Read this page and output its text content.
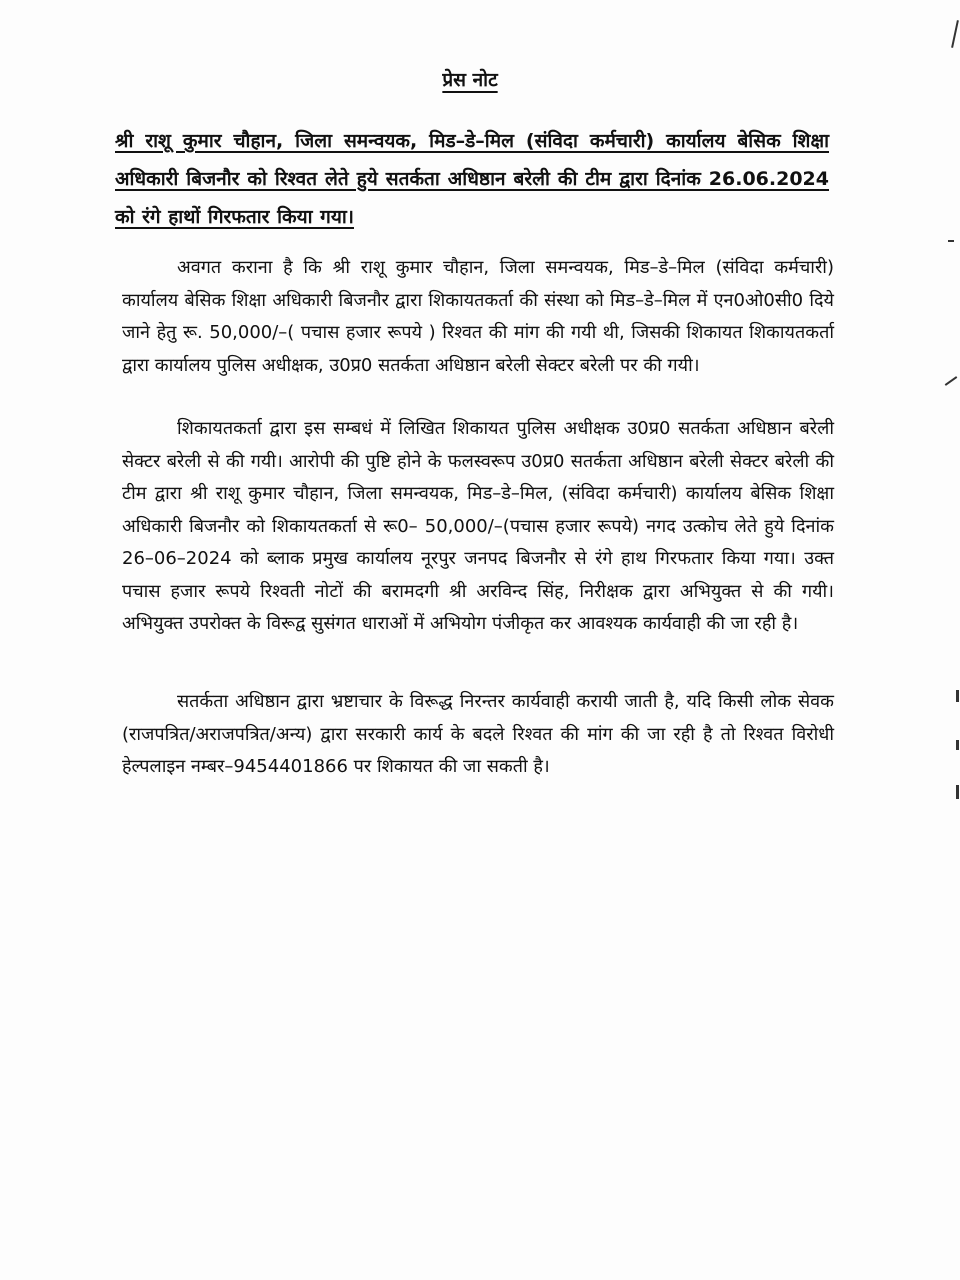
प्रेस नोट
श्री राशू कुमार चौहान, जिला समन्वयक, मिड–डे–मिल (संविदा कर्मचारी) कार्यालय बेसिक शिक्षा अधिकारी बिजनौर को रिश्वत लेते हुये सतर्कता अधिष्ठान बरेली की टीम द्वारा दिनांक 26.06.2024 को रंगे हाथों गिरफतार किया गया।

अवगत कराना है कि श्री राशू कुमार चौहान, जिला समन्वयक, मिड–डे–मिल (संविदा कर्मचारी) कार्यालय बेसिक शिक्षा अधिकारी बिजनौर द्वारा शिकायतकर्ता की संस्था को मिड–डे–मिल में एन0ओ0सी0 दिये जाने हेतु रू. 50,000/–( पचास हजार रूपये ) रिश्वत की मांग की गयी थी, जिसकी शिकायत शिकायतकर्ता द्वारा कार्यालय पुलिस अधीक्षक, उ0प्र0 सतर्कता अधिष्ठान बरेली सेक्टर बरेली पर की गयी।

शिकायतकर्ता द्वारा इस सम्बधं में लिखित शिकायत पुलिस अधीक्षक उ0प्र0 सतर्कता अधिष्ठान बरेली सेक्टर बरेली से की गयी। आरोपी की पुष्टि होने के फलस्वरूप उ0प्र0 सतर्कता अधिष्ठान बरेली सेक्टर बरेली की टीम द्वारा श्री राशू कुमार चौहान, जिला समन्वयक, मिड–डे–मिल, (संविदा कर्मचारी) कार्यालय बेसिक शिक्षा अधिकारी बिजनौर को शिकायतकर्ता से रू0– 50,000/–(पचास हजार रूपये) नगद उत्कोच लेते हुये दिनांक 26–06–2024 को ब्लाक प्रमुख कार्यालय नूरपुर जनपद बिजनौर से रंगे हाथ गिरफतार किया गया। उक्त पचास हजार रूपये रिश्वती नोटों की बरामदगी श्री अरविन्द सिंह, निरीक्षक द्वारा अभियुक्त से की गयी। अभियुक्त उपरोक्त के विरूद्व सुसंगत धाराओं में अभियोग पंजीकृत कर आवश्यक कार्यवाही की जा रही है।

सतर्कता अधिष्ठान द्वारा भ्रष्टाचार के विरूद्ध निरन्तर कार्यवाही करायी जाती है, यदि किसी लोक सेवक (राजपत्रित/अराजपत्रित/अन्य) द्वारा सरकारी कार्य के बदले रिश्वत की मांग की जा रही है तो रिश्वत विरोधी हेल्पलाइन नम्बर–9454401866 पर शिकायत की जा सकती है।
